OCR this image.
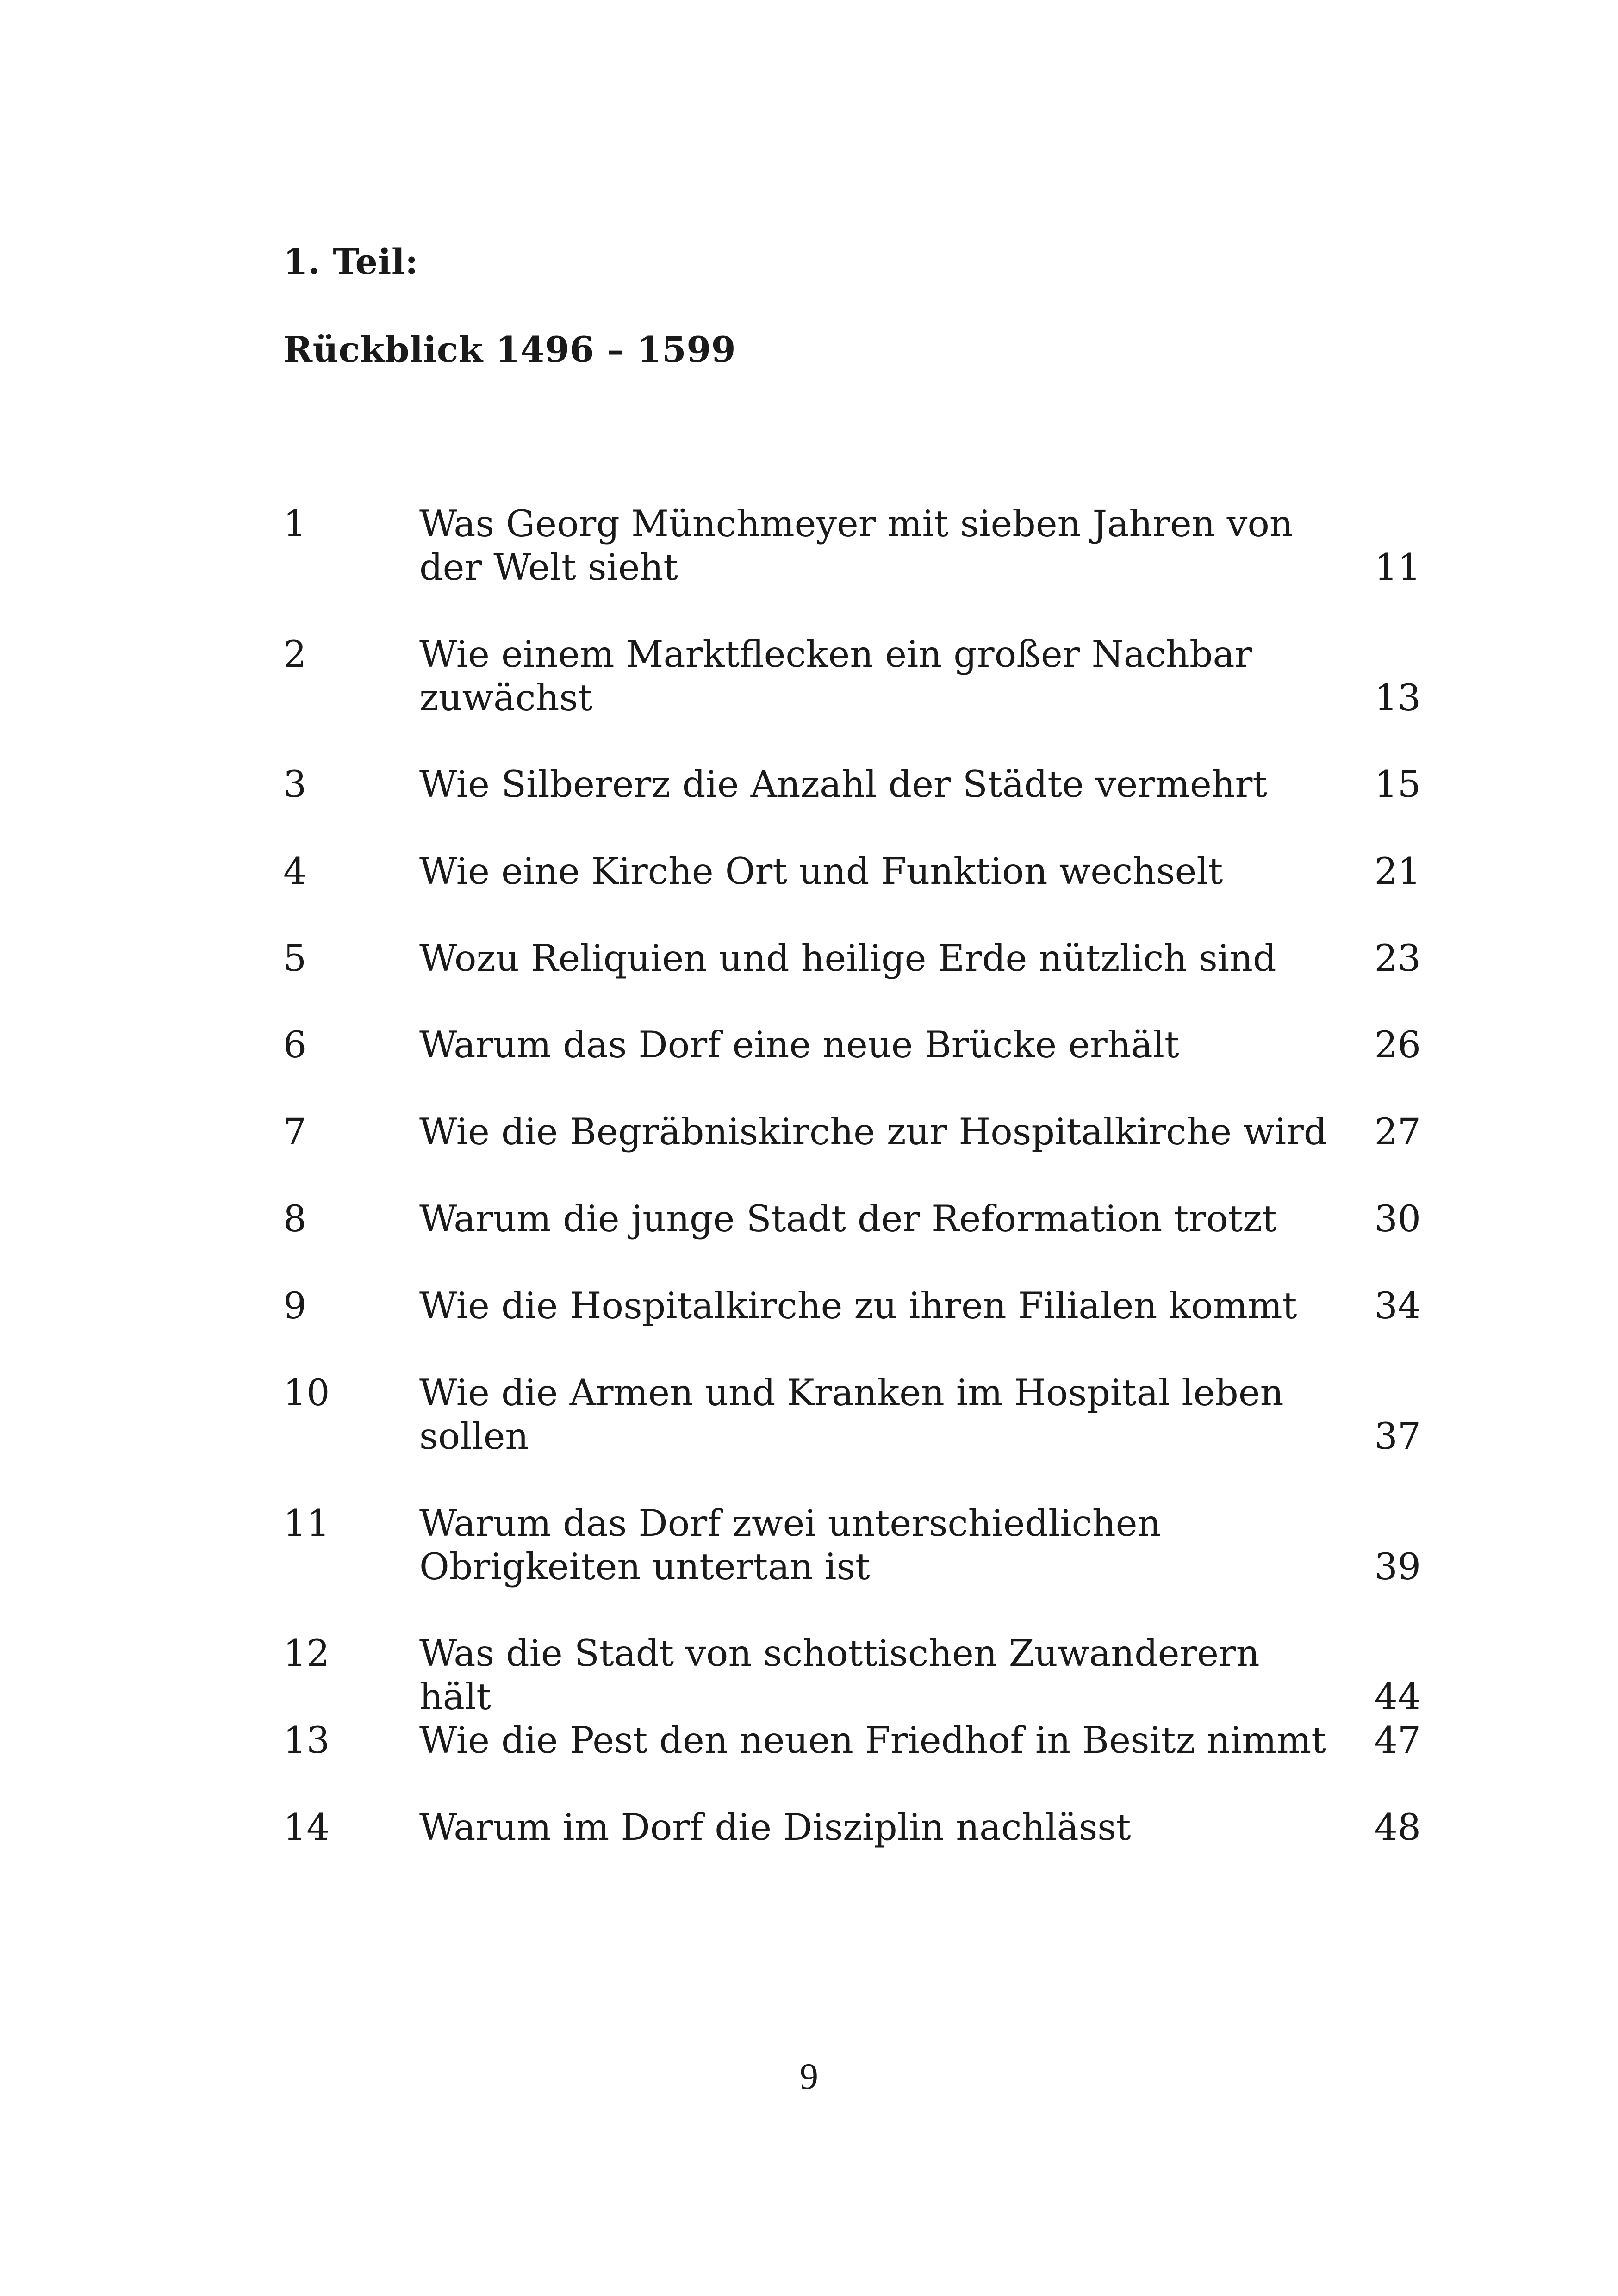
1. Teil:
Rückblick 1496 – 1599
1	Was Georg Münchmeyer mit sieben Jahren von
der Welt sieht	11
2	Wie einem Marktflecken ein großer Nachbar
zuwächst	13
3	Wie Silbererz die Anzahl der Städte vermehrt	15
4	Wie eine Kirche Ort und Funktion wechselt	21
5	Wozu Reliquien und heilige Erde nützlich sind	23
6	Warum das Dorf eine neue Brücke erhält	26
7	Wie die Begräbniskirche zur Hospitalkirche wird	27
8	Warum die junge Stadt der Reformation trotzt	30
9	Wie die Hospitalkirche zu ihren Filialen kommt	34
10 Wie die Armen und Kranken im Hospital leben
sollen	37
11 Warum das Dorf zwei unterschiedlichen
Obrigkeiten untertan ist	39
12 Was die Stadt von schottischen Zuwanderern
hält	44
13 Wie die Pest den neuen Friedhof in Besitz nimmt	47
14 Warum im Dorf die Disziplin nachlässt	48
9
